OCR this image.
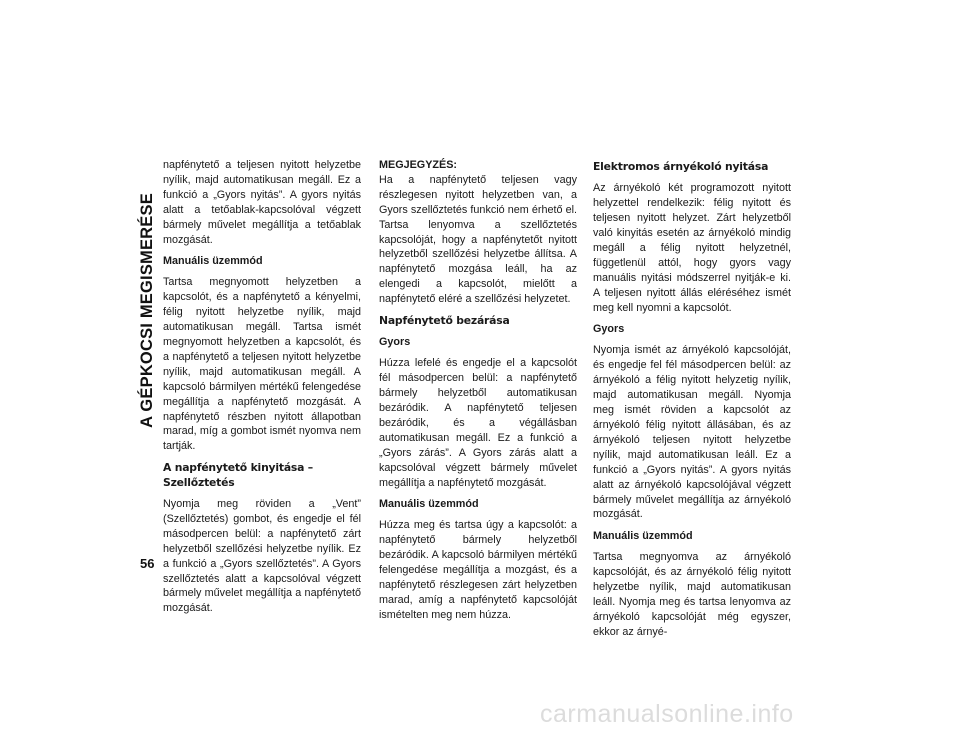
A GÉPKOCSI MEGISMERÉSE
56

napfénytető a teljesen nyitott helyzetbe nyílik, majd automatikusan megáll. Ez a funkció a „Gyors nyitás”. A gyors nyitás alatt a tetőablak-kapcsolóval végzett bármely művelet megállítja a tetőablak mozgását.

Manuális üzemmód

Tartsa megnyomott helyzetben a kapcsolót, és a napfénytető a kényelmi, félig nyitott helyzetbe nyílik, majd automatikusan megáll. Tartsa ismét megnyomott helyzetben a kapcsolót, és a napfénytető a teljesen nyitott helyzetbe nyílik, majd automatikusan megáll. A kapcsoló bármilyen mértékű felengedése megállítja a napfénytető mozgását. A napfénytető részben nyitott állapotban marad, míg a gombot ismét nyomva nem tartják.

A napfénytető kinyitása – Szellőztetés

Nyomja meg röviden a „Vent” (Szellőztetés) gombot, és engedje el fél másodpercen belül: a napfénytető zárt helyzetből szellőzési helyzetbe nyílik. Ez a funkció a „Gyors szellőztetés”. A Gyors szellőztetés alatt a kapcsolóval végzett bármely művelet megállítja a napfénytető mozgását.

MEGJEGYZÉS:

Ha a napfénytető teljesen vagy részlegesen nyitott helyzetben van, a Gyors szellőztetés funkció nem érhető el. Tartsa lenyomva a szellőztetés kapcsolóját, hogy a napfénytetőt nyitott helyzetből szellőzési helyzetbe állítsa. A napfénytető mozgása leáll, ha az elengedi a kapcsolót, mielőtt a napfénytető eléré a szellőzési helyzetet.

Napfénytető bezárása
Gyors

Húzza lefelé és engedje el a kapcsolót fél másodpercen belül: a napfénytető bármely helyzetből automatikusan bezáródik. A napfénytető teljesen bezáródik, és a végállásban automatikusan megáll. Ez a funkció a „Gyors zárás”. A Gyors zárás alatt a kapcsolóval végzett bármely művelet megállítja a napfénytető mozgását.

Manuális üzemmód

Húzza meg és tartsa úgy a kapcsolót: a napfénytető bármely helyzetből bezáródik. A kapcsoló bármilyen mértékű felengedése megállítja a mozgást, és a napfénytető részlegesen zárt helyzetben marad, amíg a napfénytető kapcsolóját ismételten meg nem húzza.

Elektromos árnyékoló nyitása

Az árnyékoló két programozott nyitott helyzettel rendelkezik: félig nyitott és teljesen nyitott helyzet. Zárt helyzetből való kinyitás esetén az árnyékoló mindig megáll a félig nyitott helyzetnél, függetlenül attól, hogy gyors vagy manuális nyitási módszerrel nyitják-e ki. A teljesen nyitott állás eléréséhez ismét meg kell nyomni a kapcsolót.

Gyors

Nyomja ismét az árnyékoló kapcsolóját, és engedje fel fél másodpercen belül: az árnyékoló a félig nyitott helyzetig nyílik, majd automatikusan megáll. Nyomja meg ismét röviden a kapcsolót az árnyékoló félig nyitott állásában, és az árnyékoló teljesen nyitott helyzetbe nyílik, majd automatikusan leáll. Ez a funkció a „Gyors nyitás”. A gyors nyitás alatt az árnyékoló kapcsolójával végzett bármely művelet megállítja az árnyékoló mozgását.

Manuális üzemmód

Tartsa megnyomva az árnyékoló kapcsolóját, és az árnyékoló félig nyitott helyzetbe nyílik, majd automatikusan leáll. Nyomja meg és tartsa lenyomva az árnyékoló kapcsolóját még egyszer, ekkor az árnyé-

carmanualsonline.info
